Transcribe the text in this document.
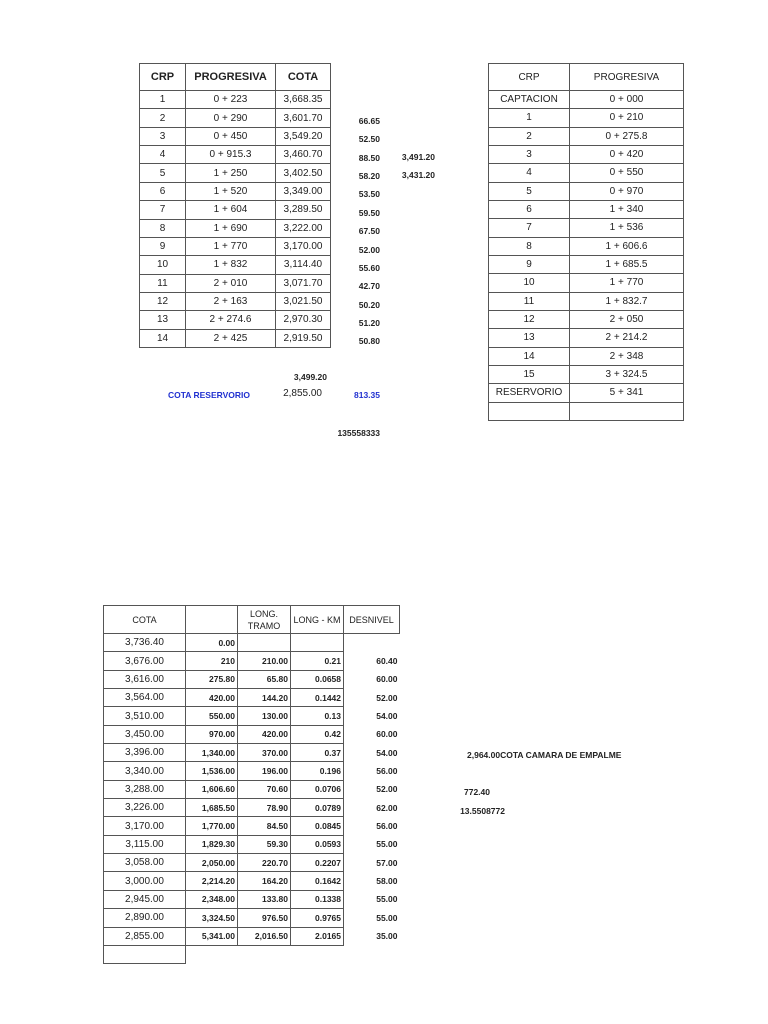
CRP	PROGRESIVA	COTA
1	0 + 223	3,668.35
2	0 + 290	3,601.70
3	0 + 450	3,549.20
4	0 + 915.3	3,460.70
5	1 + 250	3,402.50
6	1 + 520	3,349.00
7	1 + 604	3,289.50
8	1 + 690	3,222.00
9	1 + 770	3,170.00
10	1 + 832	3,114.40
11	2 + 010	3,071.70
12	2 + 163	3,021.50
13	2 + 274.6	2,970.30
14	2 + 425	2,919.50
66.65
52.50
88.50
58.20
53.50
59.50
67.50
52.00
55.60
42.70
50.20
51.20
50.80
3,491.20
3,431.20
3,499.20
COTA RESERVORIO	2,855.00	813.35
135558333
CRP	PROGRESIVA
CAPTACION	0 + 000
1	0 + 210
2	0 + 275.8
3	0 + 420
4	0 + 550
5	0 + 970
6	1 + 340
7	1 + 536
8	1 + 606.6
9	1 + 685.5
10	1 + 770
11	1 + 832.7
12	2 + 050
13	2 + 214.2
14	2 + 348
15	3 + 324.5
RESERVORIO	5 + 341

COTA		LONG. TRAMO	LONG - KM	DESNIVEL
3,736.40	0.00			
3,676.00	210	210.00	0.21	60.40
3,616.00	275.80	65.80	0.0658	60.00
3,564.00	420.00	144.20	0.1442	52.00
3,510.00	550.00	130.00	0.13	54.00
3,450.00	970.00	420.00	0.42	60.00
3,396.00	1,340.00	370.00	0.37	54.00
3,340.00	1,536.00	196.00	0.196	56.00
3,288.00	1,606.60	70.60	0.0706	52.00
3,226.00	1,685.50	78.90	0.0789	62.00
3,170.00	1,770.00	84.50	0.0845	56.00
3,115.00	1,829.30	59.30	0.0593	55.00
3,058.00	2,050.00	220.70	0.2207	57.00
3,000.00	2,214.20	164.20	0.1642	58.00
2,945.00	2,348.00	133.80	0.1338	55.00
2,890.00	3,324.50	976.50	0.9765	55.00
2,855.00	5,341.00	2,016.50	2.0165	35.00

2,964.00COTA CAMARA DE EMPALME
772.40
13.5508772
